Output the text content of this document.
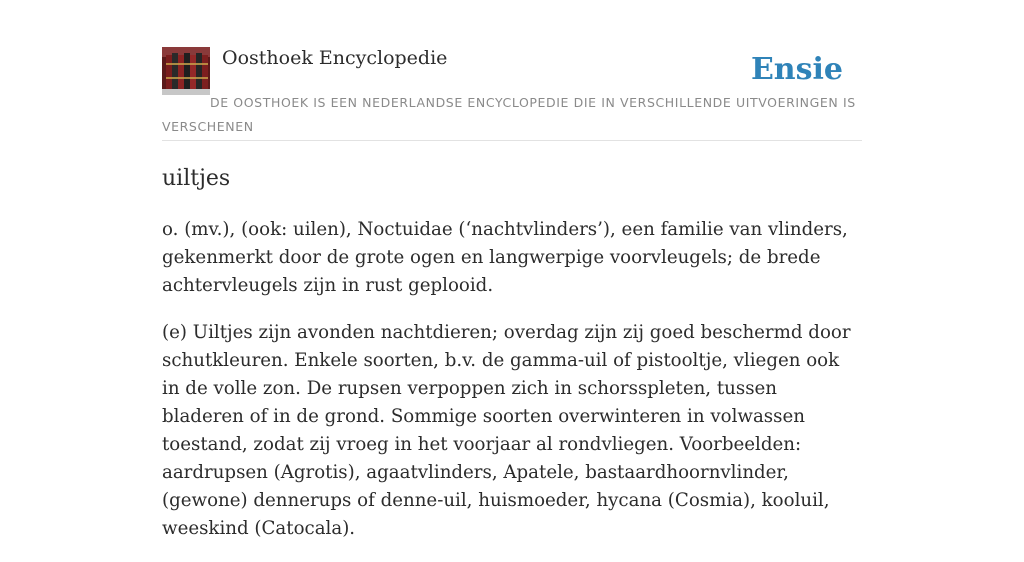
Oosthoek Encyclopedie	Ensie
DE OOSTHOEK IS EEN NEDERLANDSE ENCYCLOPEDIE DIE IN VERSCHILLENDE UITVOERINGEN IS VERSCHENEN
uiltjes

o. (mv.), (ook: uilen), Noctuidae (‘nachtvlinders’), een familie van vlinders, gekenmerkt door de grote ogen en langwerpige voorvleugels; de brede achtervleugels zijn in rust geplooid.

(e) Uiltjes zijn avonden nachtdieren; overdag zijn zij goed beschermd door schutkleuren. Enkele soorten, b.v. de gamma-uil of pistooltje, vliegen ook in de volle zon. De rupsen verpoppen zich in schorsspleten, tussen bladeren of in de grond. Sommige soorten overwinteren in volwassen toestand, zodat zij vroeg in het voorjaar al rondvliegen. Voorbeelden: aardrupsen (Agrotis), agaatvlinders, Apatele, bastaardhoornvlinder, (gewone) dennerups of denne-uil, huismoeder, hycana (Cosmia), kooluil, weeskind (Catocala).
